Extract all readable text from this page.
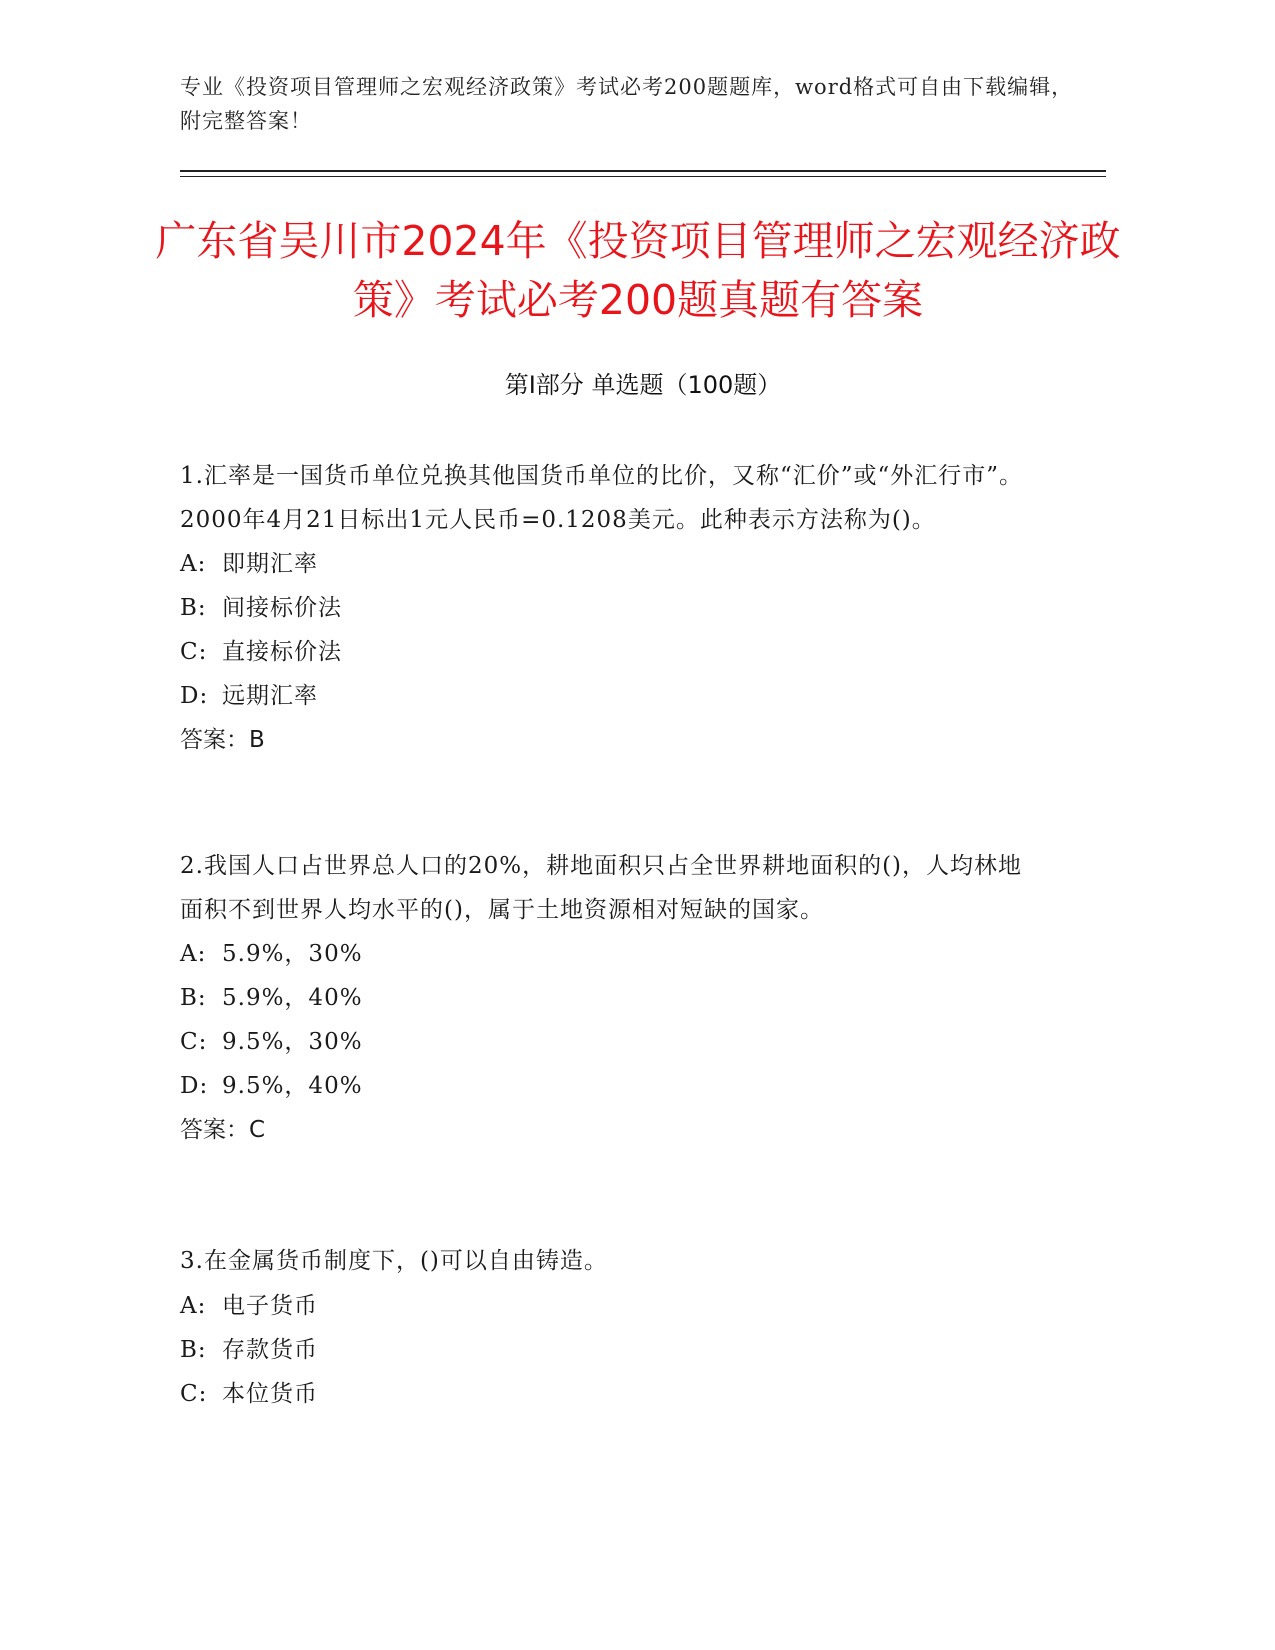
专业《投资项目管理师之宏观经济政策》考试必考200题题库，word格式可自由下载编辑，附完整答案！
广东省吴川市2024年《投资项目管理师之宏观经济政策》考试必考200题真题有答案
第Ⅰ部分 单选题（100题）
1.汇率是一国货币单位兑换其他国货币单位的比价，又称“汇价”或“外汇行市”。2000年4月21日标出1元人民币=0.1208美元。此种表示方法称为()。
A: 即期汇率
B: 间接标价法
C: 直接标价法
D: 远期汇率
答案：B
2.我国人口占世界总人口的20%，耕地面积只占全世界耕地面积的()，人均林地面积不到世界人均水平的()，属于土地资源相对短缺的国家。
A: 5.9%，30%
B: 5.9%，40%
C: 9.5%，30%
D: 9.5%，40%
答案：C
3.在金属货币制度下，()可以自由铸造。
A: 电子货币
B: 存款货币
C: 本位货币
